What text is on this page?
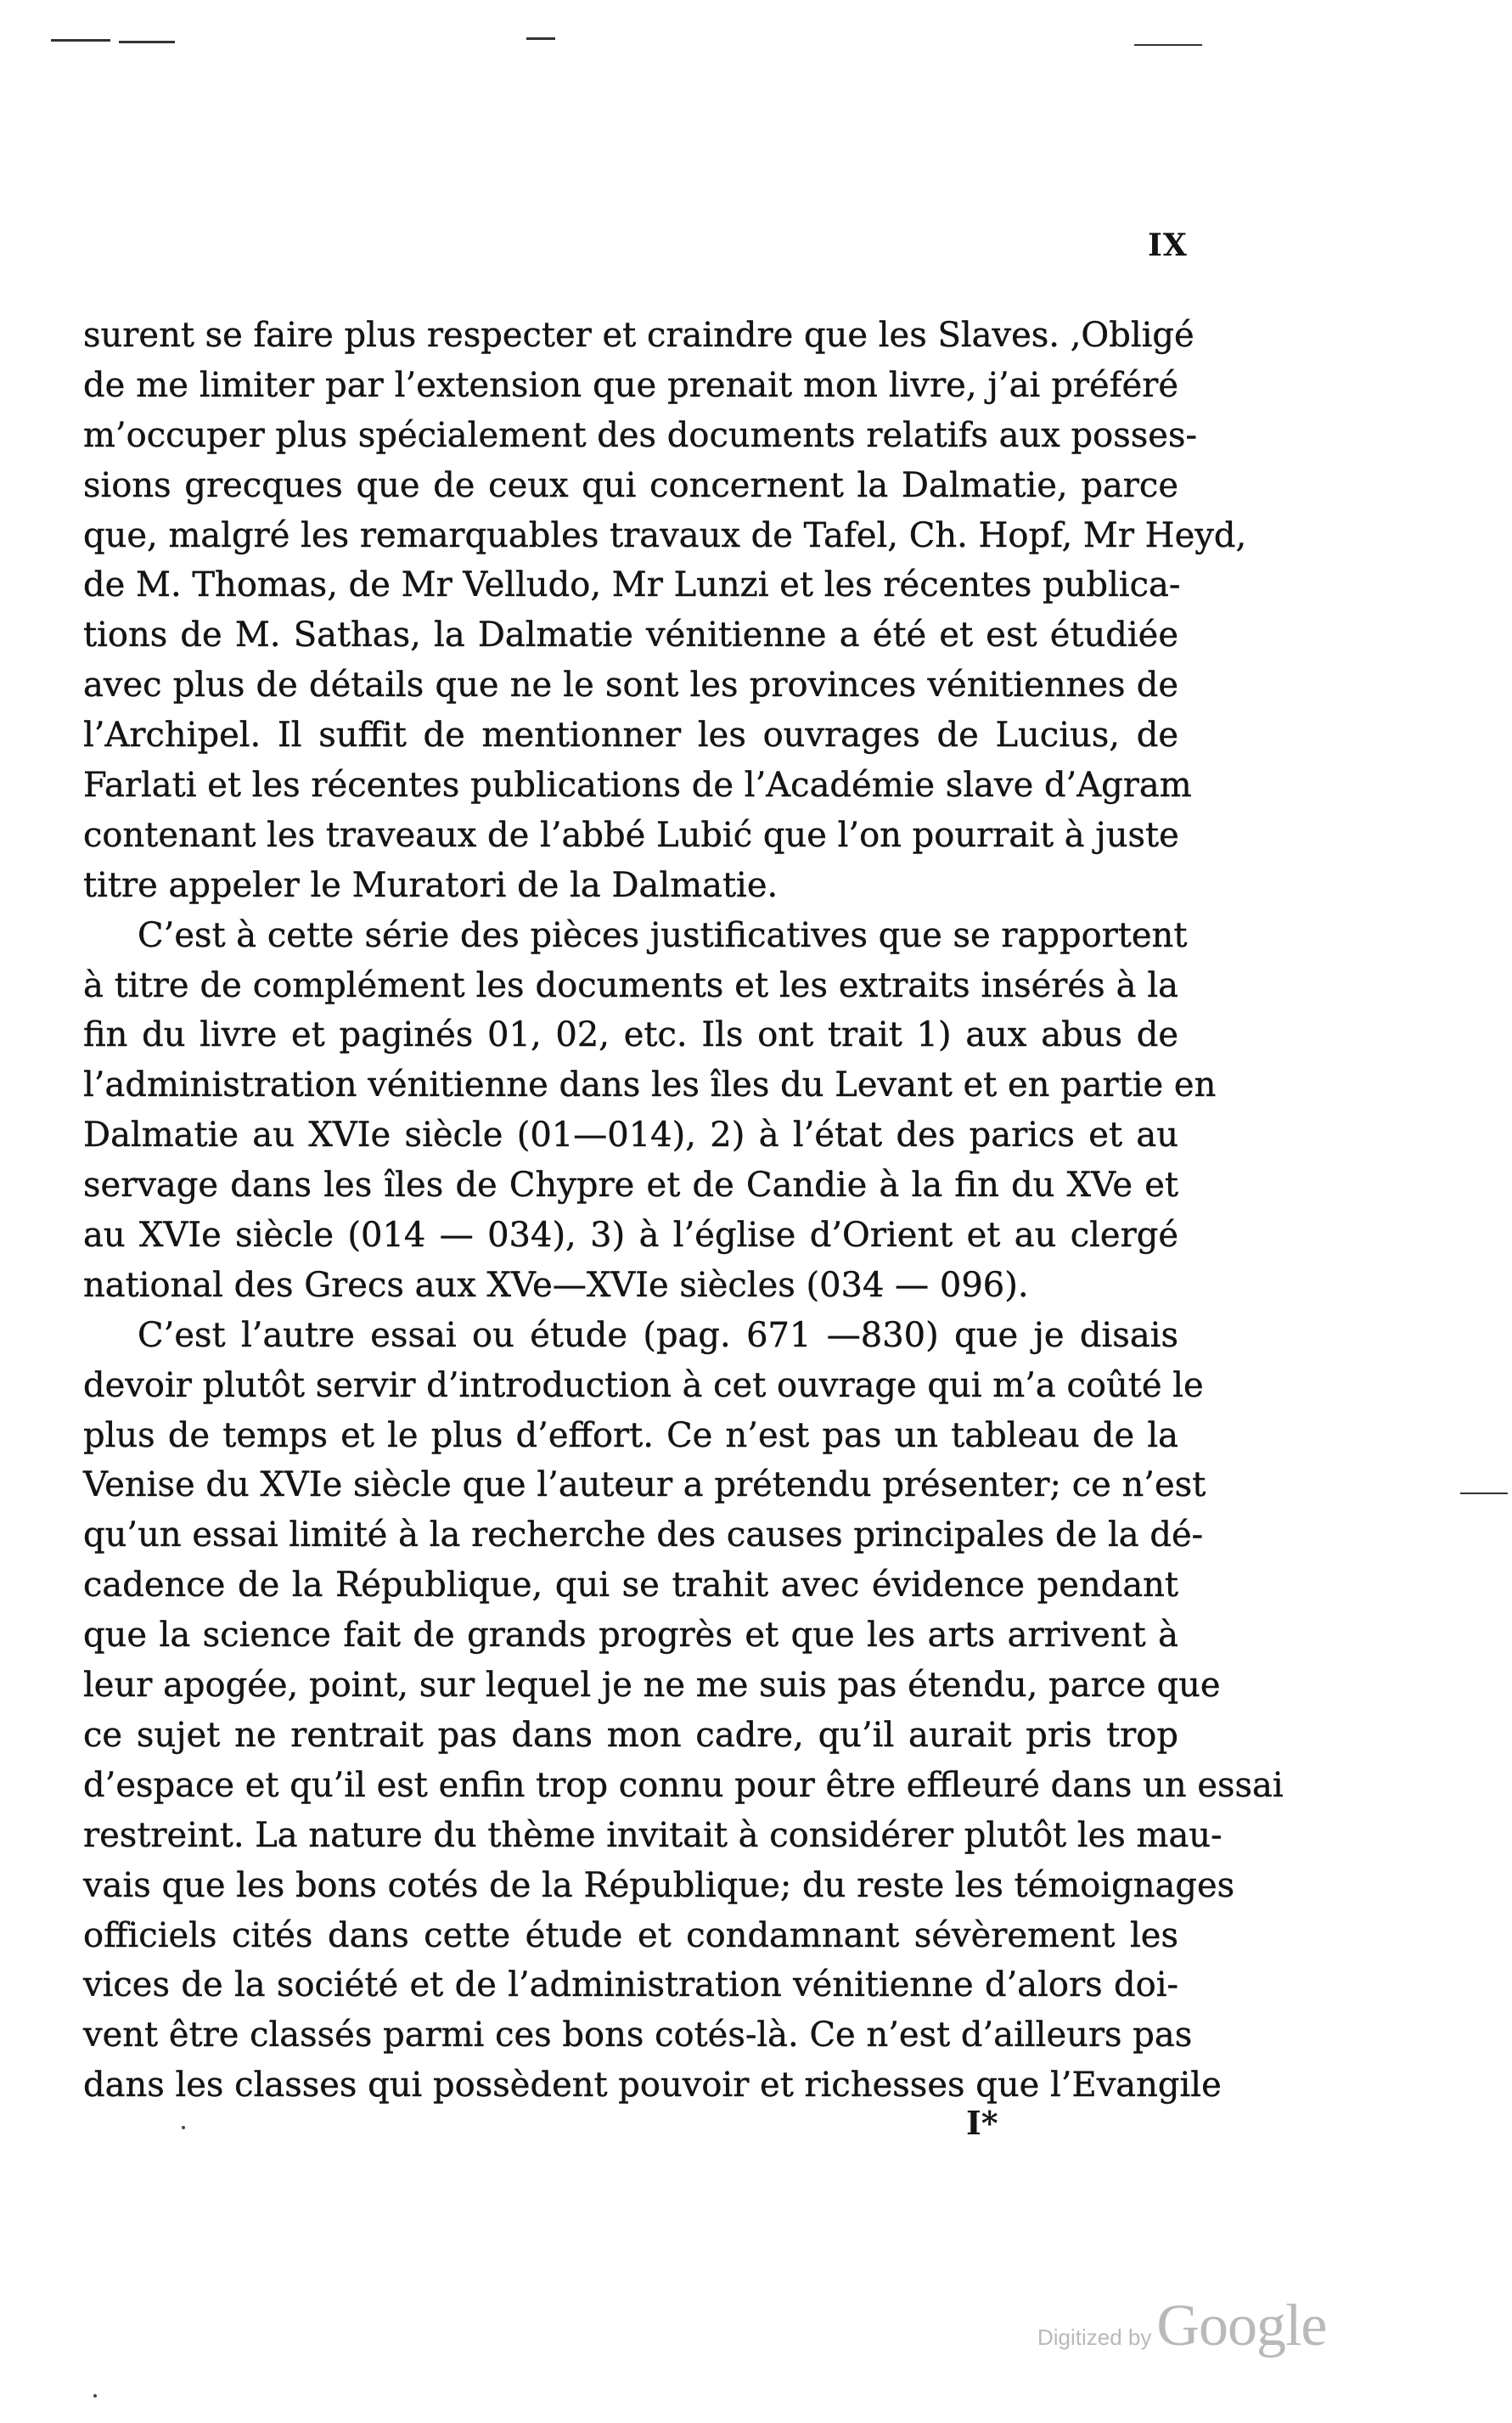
IX
surent se faire plus respecter et craindre que les Slaves. ,Obligé
de me limiter par l’extension que prenait mon livre, j’ai préféré
m’occuper plus spécialement des documents relatifs aux posses-
sions grecques que de ceux qui concernent la Dalmatie, parce
que, malgré les remarquables travaux de Tafel, Ch. Hopf, Mr Heyd,
de M. Thomas, de Mr Velludo, Mr Lunzi et les récentes publica-
tions de M. Sathas, la Dalmatie vénitienne a été et est étudiée
avec plus de détails que ne le sont les provinces vénitiennes de
l’Archipel. Il suffit de mentionner les ouvrages de Lucius, de
Farlati et les récentes publications de l’Académie slave d’Agram
contenant les traveaux de l’abbé Lubić que l’on pourrait à juste
titre appeler le Muratori de la Dalmatie.
C’est à cette série des pièces justificatives que se rapportent
à titre de complément les documents et les extraits insérés à la
fin du livre et paginés 01, 02, etc. Ils ont trait 1) aux abus de
l’administration vénitienne dans les îles du Levant et en partie en
Dalmatie au XVIe siècle (01—014), 2) à l’état des parics et au
servage dans les îles de Chypre et de Candie à la fin du XVe et
au XVIe siècle (014 — 034), 3) à l’église d’Orient et au clergé
national des Grecs aux XVe—XVIe siècles (034 — 096).
C’est l’autre essai ou étude (pag. 671 —830) que je disais
devoir plutôt servir d’introduction à cet ouvrage qui m’a coûté le
plus de temps et le plus d’effort. Ce n’est pas un tableau de la
Venise du XVIe siècle que l’auteur a prétendu présenter; ce n’est
qu’un essai limité à la recherche des causes principales de la dé-
cadence de la République, qui se trahit avec évidence pendant
que la science fait de grands progrès et que les arts arrivent à
leur apogée, point, sur lequel je ne me suis pas étendu, parce que
ce sujet ne rentrait pas dans mon cadre, qu’il aurait pris trop
d’espace et qu’il est enfin trop connu pour être effleuré dans un essai
restreint. La nature du thème invitait à considérer plutôt les mau-
vais que les bons cotés de la République; du reste les témoignages
officiels cités dans cette étude et condamnant sévèrement les
vices de la société et de l’administration vénitienne d’alors doi-
vent être classés parmi ces bons cotés-là. Ce n’est d’ailleurs pas
dans les classes qui possèdent pouvoir et richesses que l’Evangile
I*
Digitized by Google
